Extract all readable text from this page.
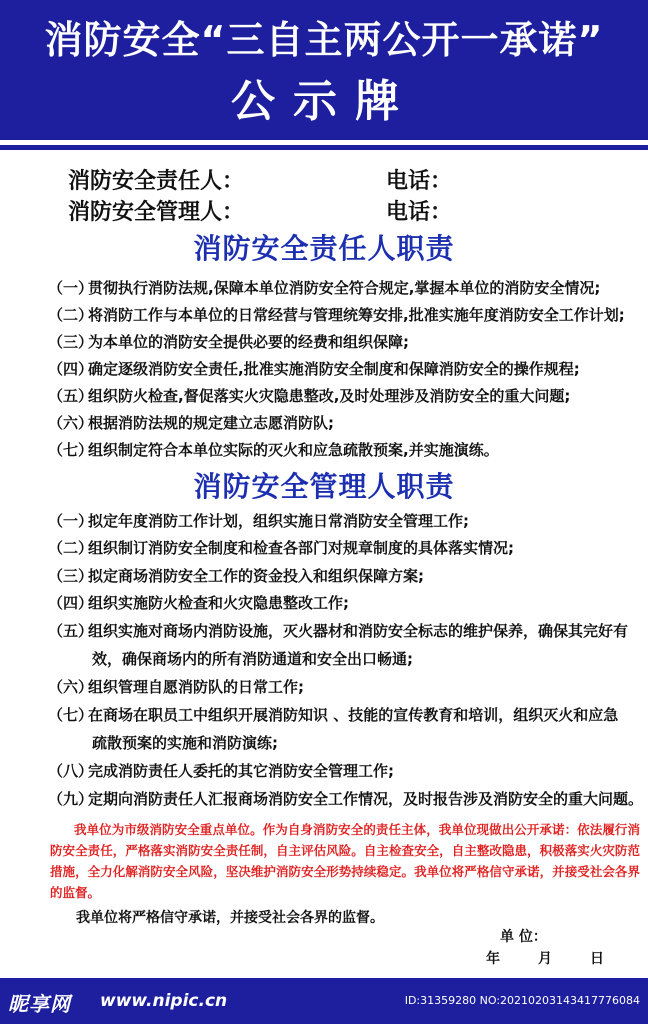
消防安全“三自主两公开一承诺”
公示牌
消防安全责任人：	电话：
消防安全管理人：	电话：
消防安全责任人职责
（一）贯彻执行消防法规,保障本单位消防安全符合规定,掌握本单位的消防安全情况;
（二）将消防工作与本单位的日常经营与管理统筹安排,批准实施年度消防安全工作计划;
（三）为本单位的消防安全提供必要的经费和组织保障;
（四）确定逐级消防安全责任,批准实施消防安全制度和保障消防安全的操作规程;
（五）组织防火检查,督促落实火灾隐患整改,及时处理涉及消防安全的重大问题;
（六）根据消防法规的规定建立志愿消防队;
（七）组织制定符合本单位实际的灭火和应急疏散预案,并实施演练。
消防安全管理人职责
（一）拟定年度消防工作计划，组织实施日常消防安全管理工作;
（二）组织制订消防安全制度和检查各部门对规章制度的具体落实情况;
（三）拟定商场消防安全工作的资金投入和组织保障方案;
（四）组织实施防火检查和火灾隐患整改工作;
（五）组织实施对商场内消防设施，灭火器材和消防安全标志的维护保养，确保其完好有
效，确保商场内的所有消防通道和安全出口畅通;
（六）组织管理自愿消防队的日常工作;
（七）在商场在职员工中组织开展消防知识 、技能的宣传教育和培训，组织灭火和应急
疏散预案的实施和消防演练;
（八）完成消防责任人委托的其它消防安全管理工作;
（九）定期向消防责任人汇报商场消防安全工作情况，及时报告涉及消防安全的重大问题。
我单位为市级消防安全重点单位。作为自身消防安全的责任主体，我单位现做出公开承诺：依法履行消防安全责任，严格落实消防安全责任制，自主评估风险。自主检查安全，自主整改隐患，积极落实火灾防范措施，全力化解消防安全风险，坚决维护消防安全形势持续稳定。我单位将严格信守承诺，并接受社会各界的监督。
我单位将严格信守承诺，并接受社会各界的监督。
单 位：
年	月	日
昵享网 www.nipic.cn	ID:31359280 NO:20210203143417776084
